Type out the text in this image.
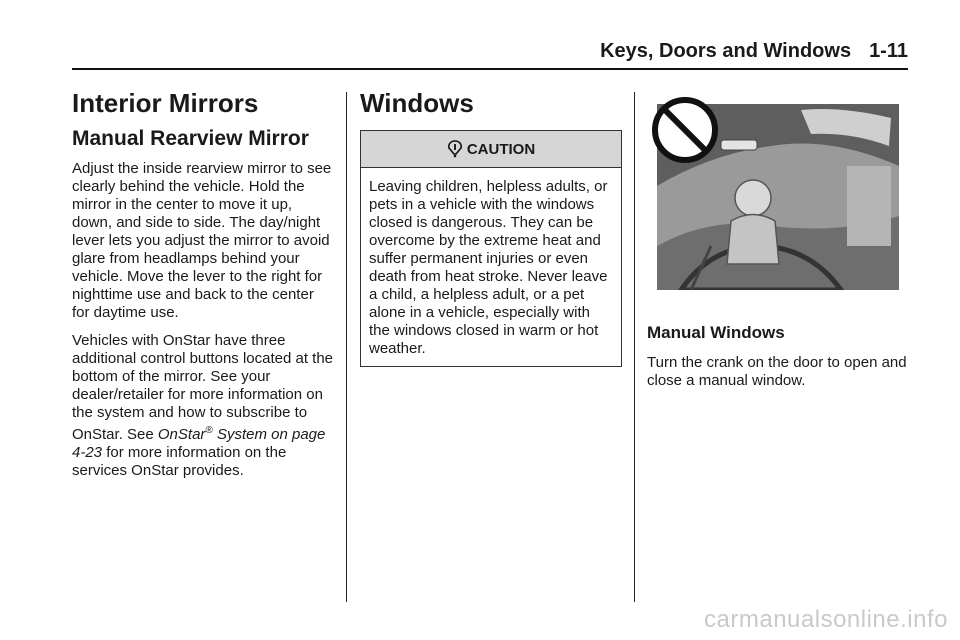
Keys, Doors and Windows 1-11
Interior Mirrors
Manual Rearview Mirror

Adjust the inside rearview mirror to see clearly behind the vehicle. Hold the mirror in the center to move it up, down, and side to side. The day/night lever lets you adjust the mirror to avoid glare from headlamps behind your vehicle. Move the lever to the right for nighttime use and back to the center for daytime use.

Vehicles with OnStar have three additional control buttons located at the bottom of the mirror. See your dealer/retailer for more information on the system and how to subscribe to OnStar. See OnStar® System on page 4-23 for more information on the services OnStar provides.

Windows
CAUTION

Leaving children, helpless adults, or pets in a vehicle with the windows closed is dangerous. They can be overcome by the extreme heat and suffer permanent injuries or even death from heat stroke. Never leave a child, a helpless adult, or a pet alone in a vehicle, especially with the windows closed in warm or hot weather.

Manual Windows

Turn the crank on the door to open and close a manual window.

carmanualsonline.info
